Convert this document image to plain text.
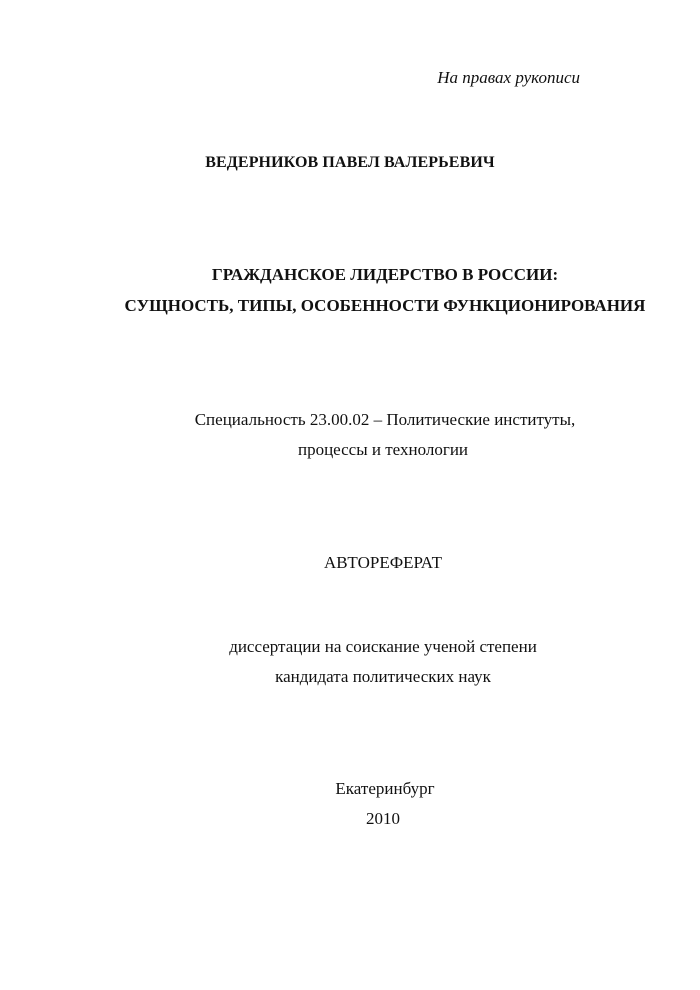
На правах рукописи
ВЕДЕРНИКОВ ПАВЕЛ ВАЛЕРЬЕВИЧ
ГРАЖДАНСКОЕ ЛИДЕРСТВО В РОССИИ:
СУЩНОСТЬ, ТИПЫ, ОСОБЕННОСТИ ФУНКЦИОНИРОВАНИЯ
Специальность 23.00.02 – Политические институты,
процессы и технологии
АВТОРЕФЕРАТ
диссертации на соискание ученой степени
кандидата политических наук
Екатеринбург
2010
